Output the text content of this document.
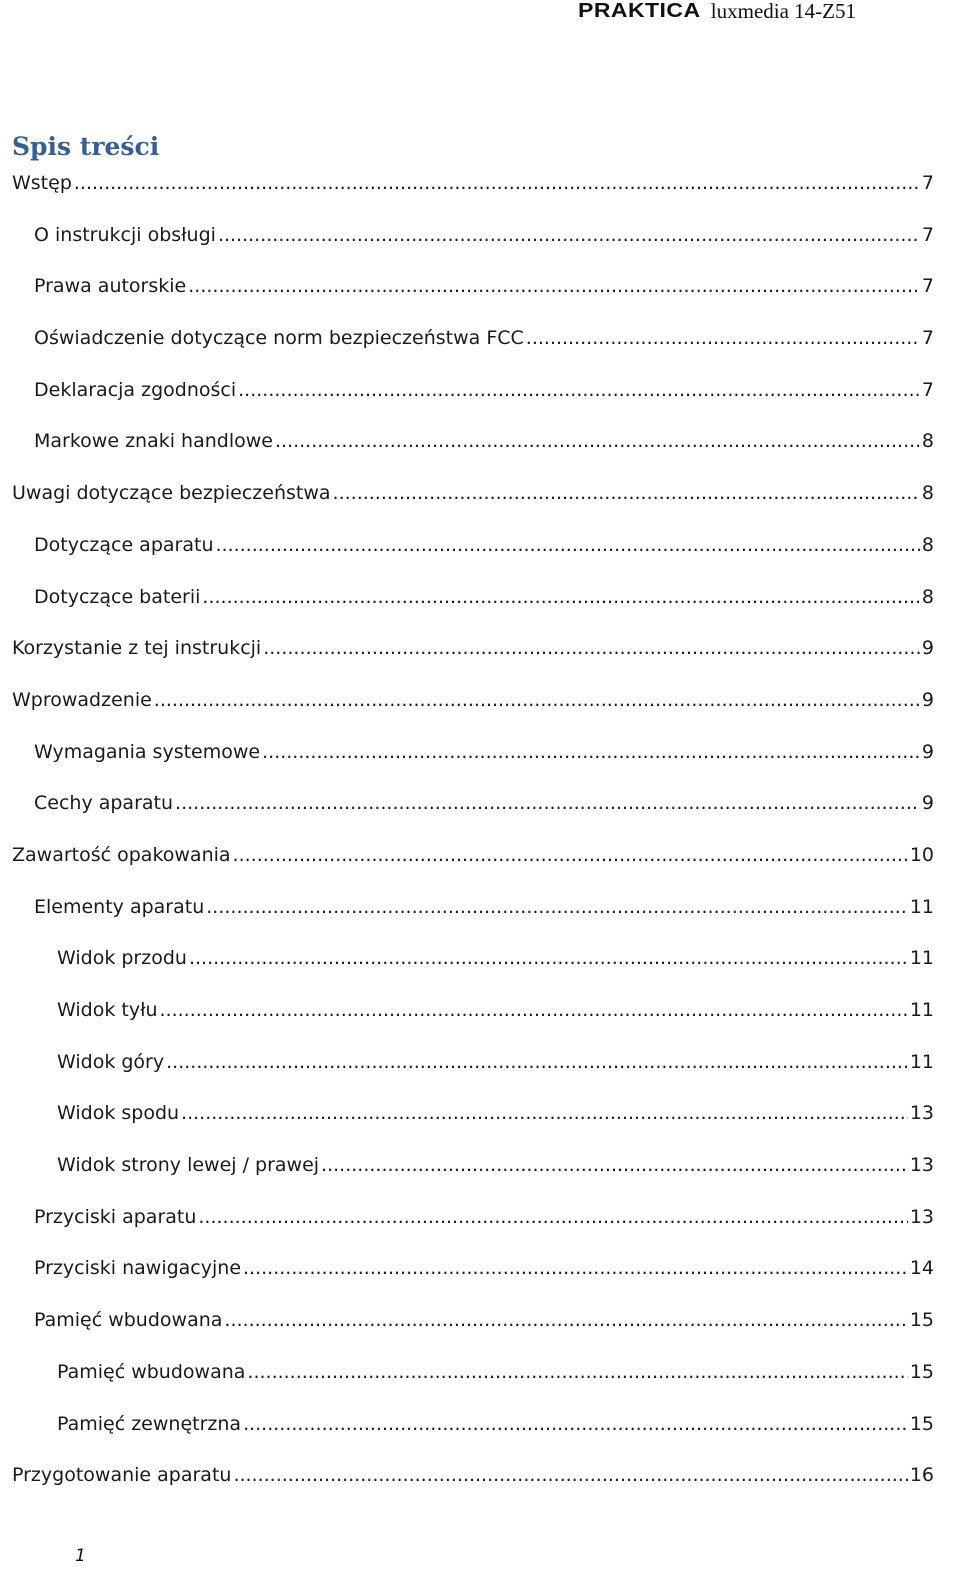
PRAKTICA luxmedia 14-Z51
Spis treści
Wstęp .....	7
O instrukcji obsługi .....	7
Prawa autorskie .....	7
Oświadczenie dotyczące norm bezpieczeństwa FCC .....	7
Deklaracja zgodności .....	7
Markowe znaki handlowe .....	8
Uwagi dotyczące bezpieczeństwa .....	8
Dotyczące aparatu .....	8
Dotyczące baterii .....	8
Korzystanie z tej instrukcji .....	9
Wprowadzenie .....	9
Wymagania systemowe .....	9
Cechy aparatu .....	9
Zawartość opakowania .....	10
Elementy aparatu .....	11
Widok przodu .....	11
Widok tyłu .....	11
Widok góry .....	11
Widok spodu .....	13
Widok strony lewej / prawej .....	13
Przyciski aparatu .....	13
Przyciski nawigacyjne .....	14
Pamięć wbudowana .....	15
Pamięć wbudowana .....	15
Pamięć zewnętrzna .....	15
Przygotowanie aparatu .....	16
1
